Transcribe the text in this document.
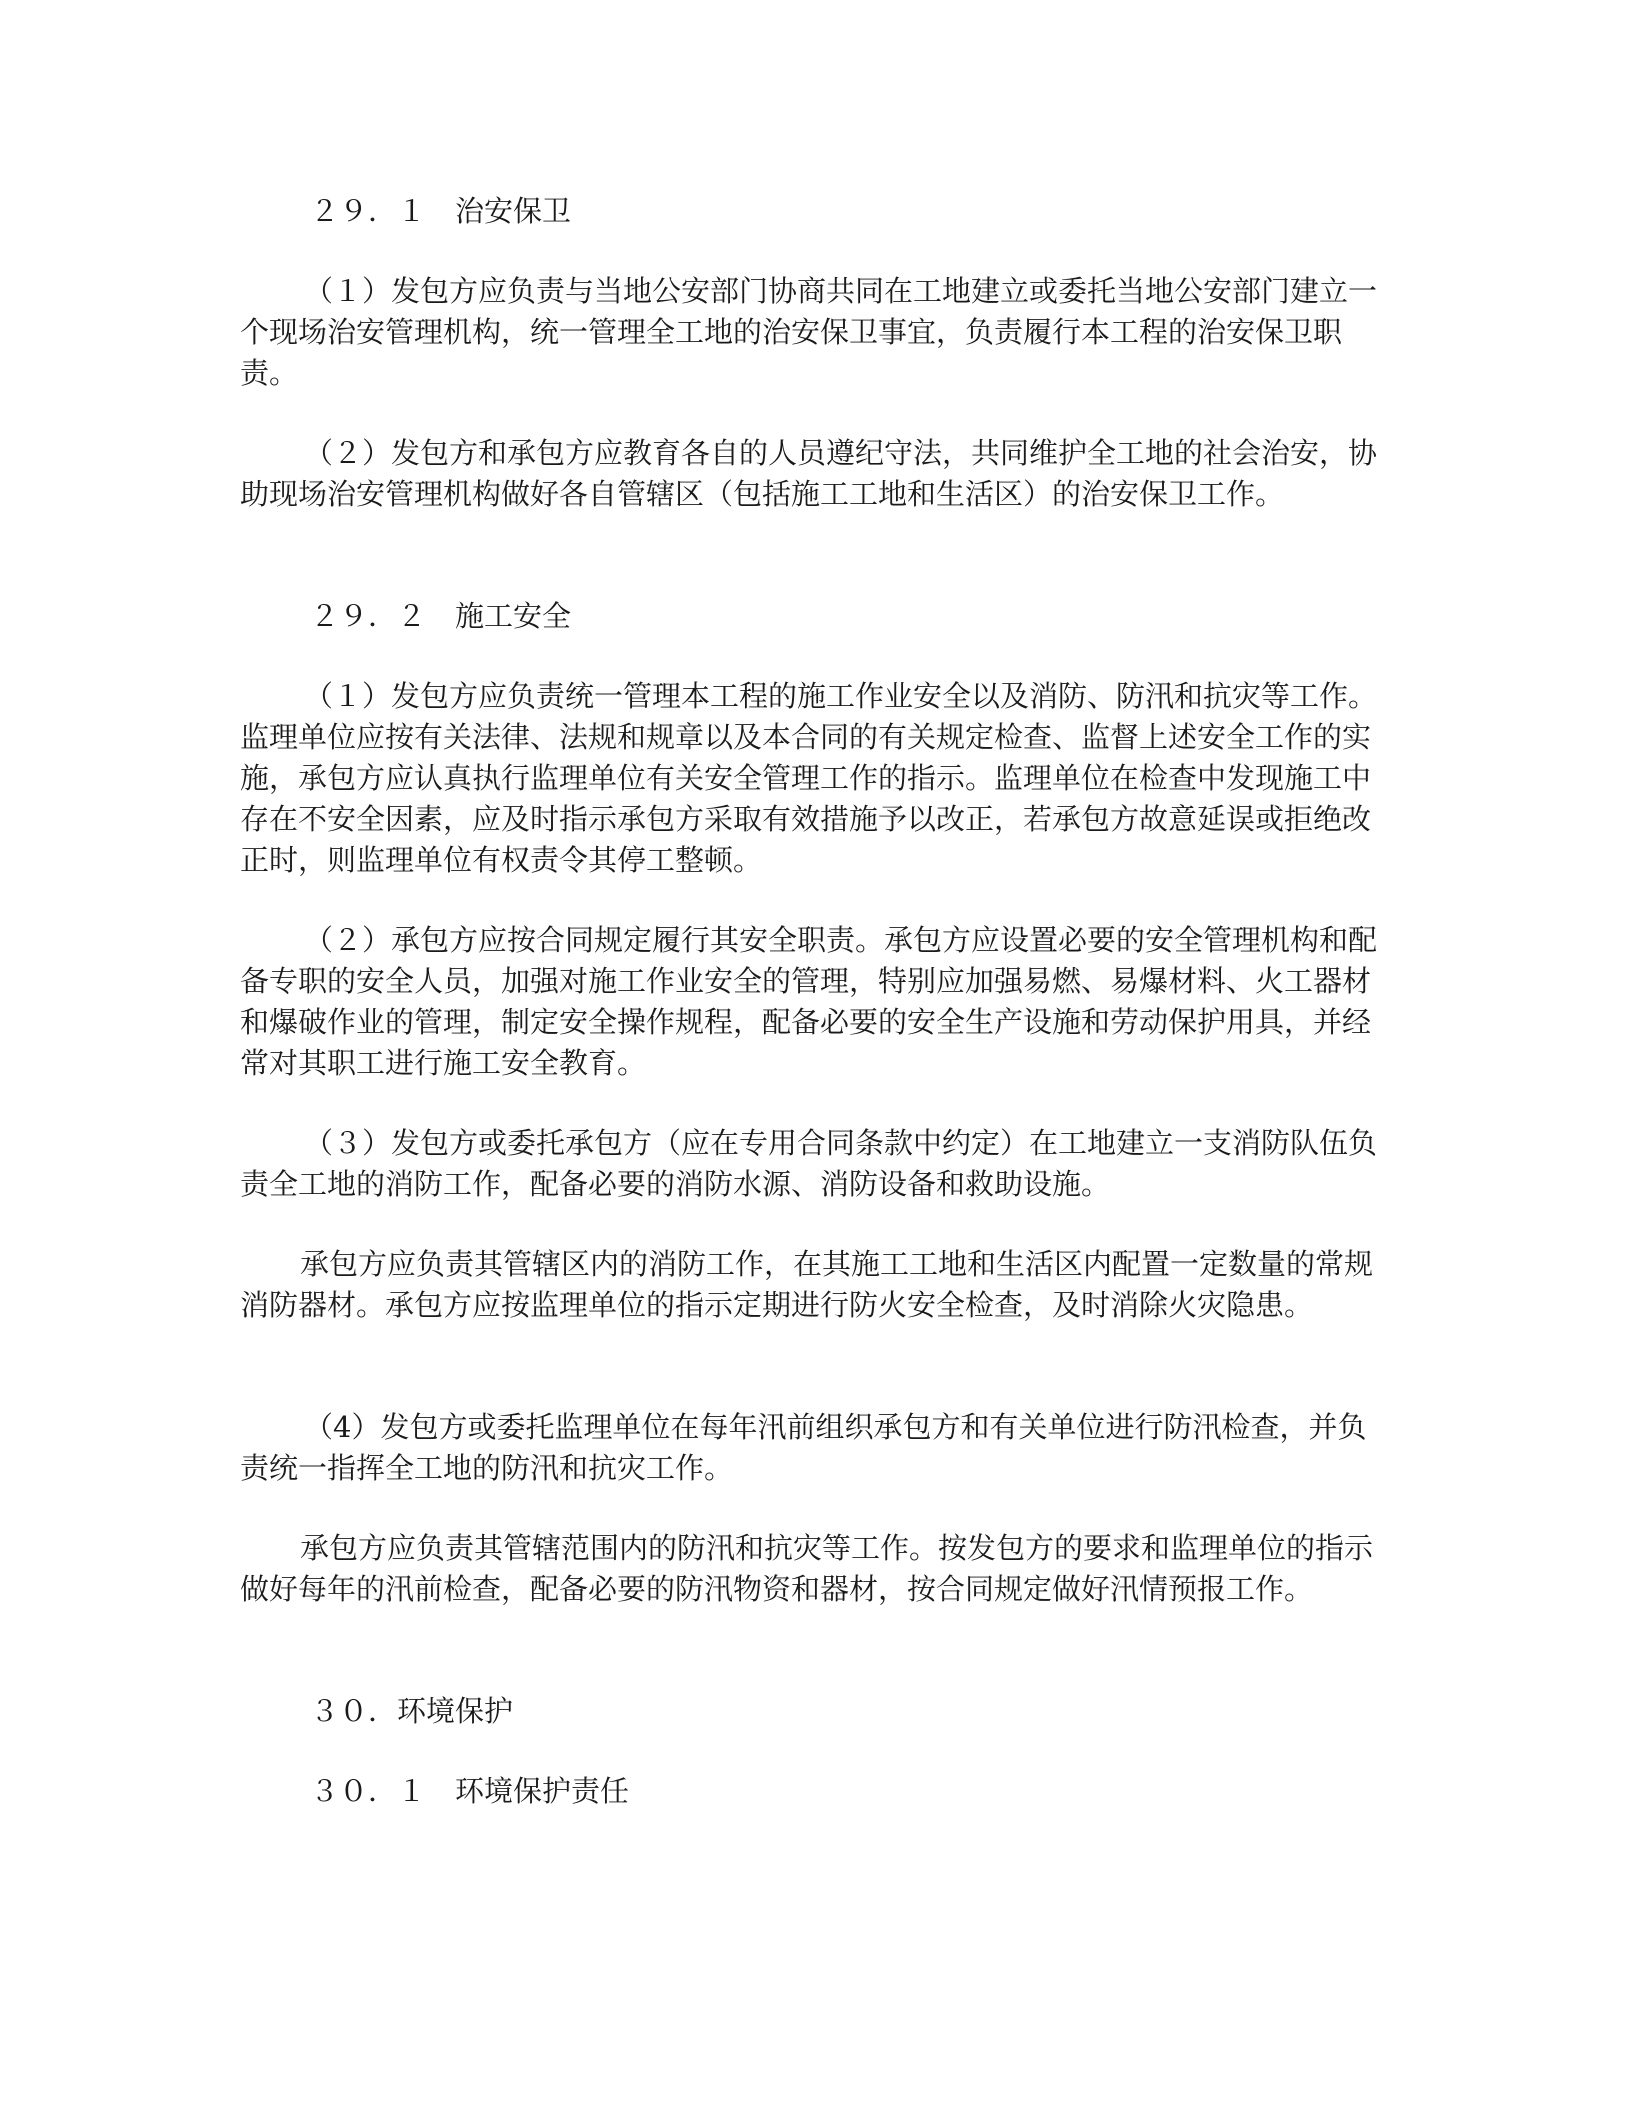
２９．１　治安保卫

（１）发包方应负责与当地公安部门协商共同在工地建立或委托当地公安部门建立一个现场治安管理机构，统一管理全工地的治安保卫事宜，负责履行本工程的治安保卫职责。

（２）发包方和承包方应教育各自的人员遵纪守法，共同维护全工地的社会治安，协助现场治安管理机构做好各自管辖区（包括施工工地和生活区）的治安保卫工作。

２９．２　施工安全

（１）发包方应负责统一管理本工程的施工作业安全以及消防、防汛和抗灾等工作。监理单位应按有关法律、法规和规章以及本合同的有关规定检查、监督上述安全工作的实施，承包方应认真执行监理单位有关安全管理工作的指示。监理单位在检查中发现施工中存在不安全因素，应及时指示承包方采取有效措施予以改正，若承包方故意延误或拒绝改正时，则监理单位有权责令其停工整顿。

（２）承包方应按合同规定履行其安全职责。承包方应设置必要的安全管理机构和配备专职的安全人员，加强对施工作业安全的管理，特别应加强易燃、易爆材料、火工器材和爆破作业的管理，制定安全操作规程，配备必要的安全生产设施和劳动保护用具，并经常对其职工进行施工安全教育。

（３）发包方或委托承包方（应在专用合同条款中约定）在工地建立一支消防队伍负责全工地的消防工作，配备必要的消防水源、消防设备和救助设施。

承包方应负责其管辖区内的消防工作，在其施工工地和生活区内配置一定数量的常规消防器材。承包方应按监理单位的指示定期进行防火安全检查，及时消除火灾隐患。

（4）发包方或委托监理单位在每年汛前组织承包方和有关单位进行防汛检查，并负责统一指挥全工地的防汛和抗灾工作。

承包方应负责其管辖范围内的防汛和抗灾等工作。按发包方的要求和监理单位的指示做好每年的汛前检查，配备必要的防汛物资和器材，按合同规定做好汛情预报工作。

３０．环境保护

３０．１　环境保护责任
